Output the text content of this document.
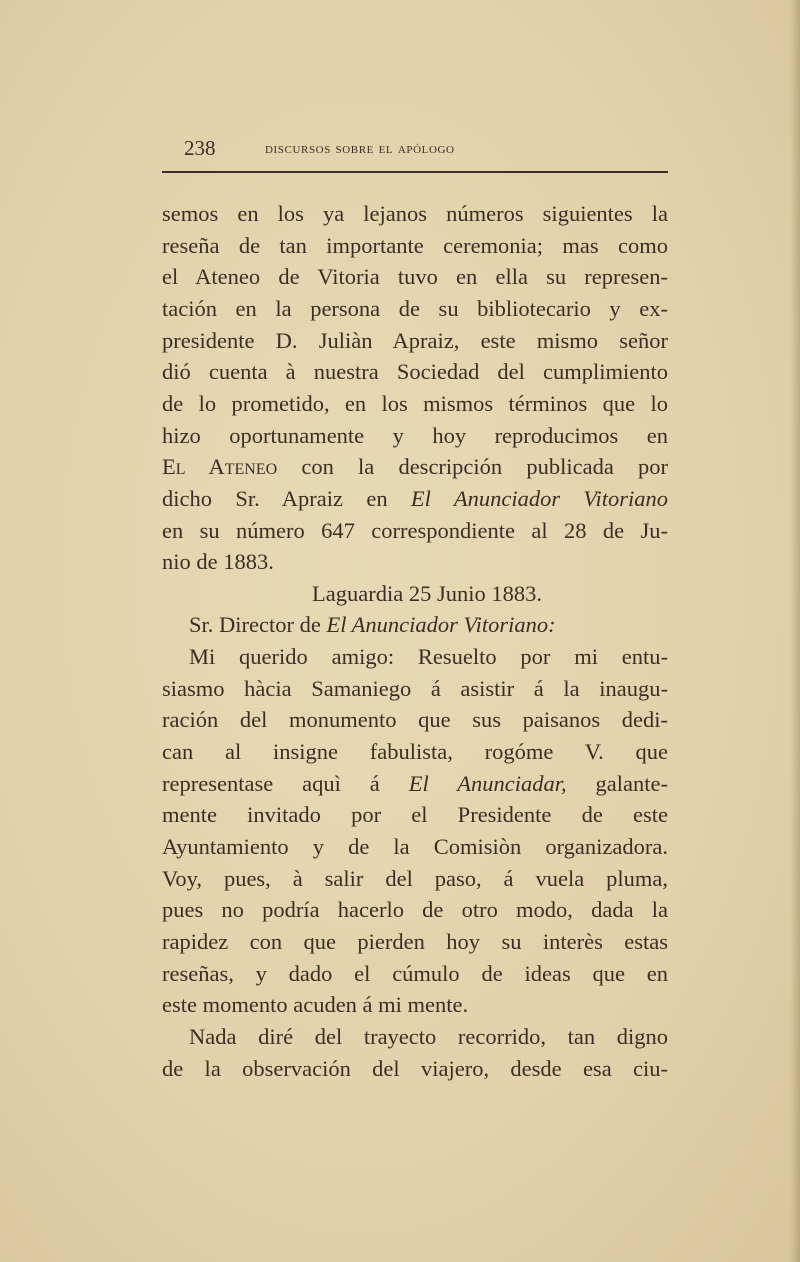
238	discursos sobre el apólogo
semos en los ya lejanos números siguientes la
reseña de tan importante ceremonia; mas como
el Ateneo de Vitoria tuvo en ella su represen-
tación en la persona de su bibliotecario y ex-
presidente D. Juliàn Apraiz, este mismo señor
dió cuenta à nuestra Sociedad del cumplimiento
de lo prometido, en los mismos términos que lo
hizo oportunamente y hoy reproducimos en
El Ateneo con la descripción publicada por
dicho Sr. Apraiz en El Anunciador Vitoriano
en su número 647 correspondiente al 28 de Ju-
nio de 1883.
Laguardia 25 Junio 1883.
Sr. Director de El Anunciador Vitoriano:
Mi querido amigo: Resuelto por mi entu-
siasmo hàcia Samaniego á asistir á la inaugu-
ración del monumento que sus paisanos dedi-
can al insigne fabulista, rogóme V. que
representase aquì á El Anunciadar, galante-
mente invitado por el Presidente de este
Ayuntamiento y de la Comisiòn organizadora.
Voy, pues, à salir del paso, á vuela pluma,
pues no podría hacerlo de otro modo, dada la
rapidez con que pierden hoy su interès estas
reseñas, y dado el cúmulo de ideas que en
este momento acuden á mi mente.
Nada diré del trayecto recorrido, tan digno
de la observación del viajero, desde esa ciu-
